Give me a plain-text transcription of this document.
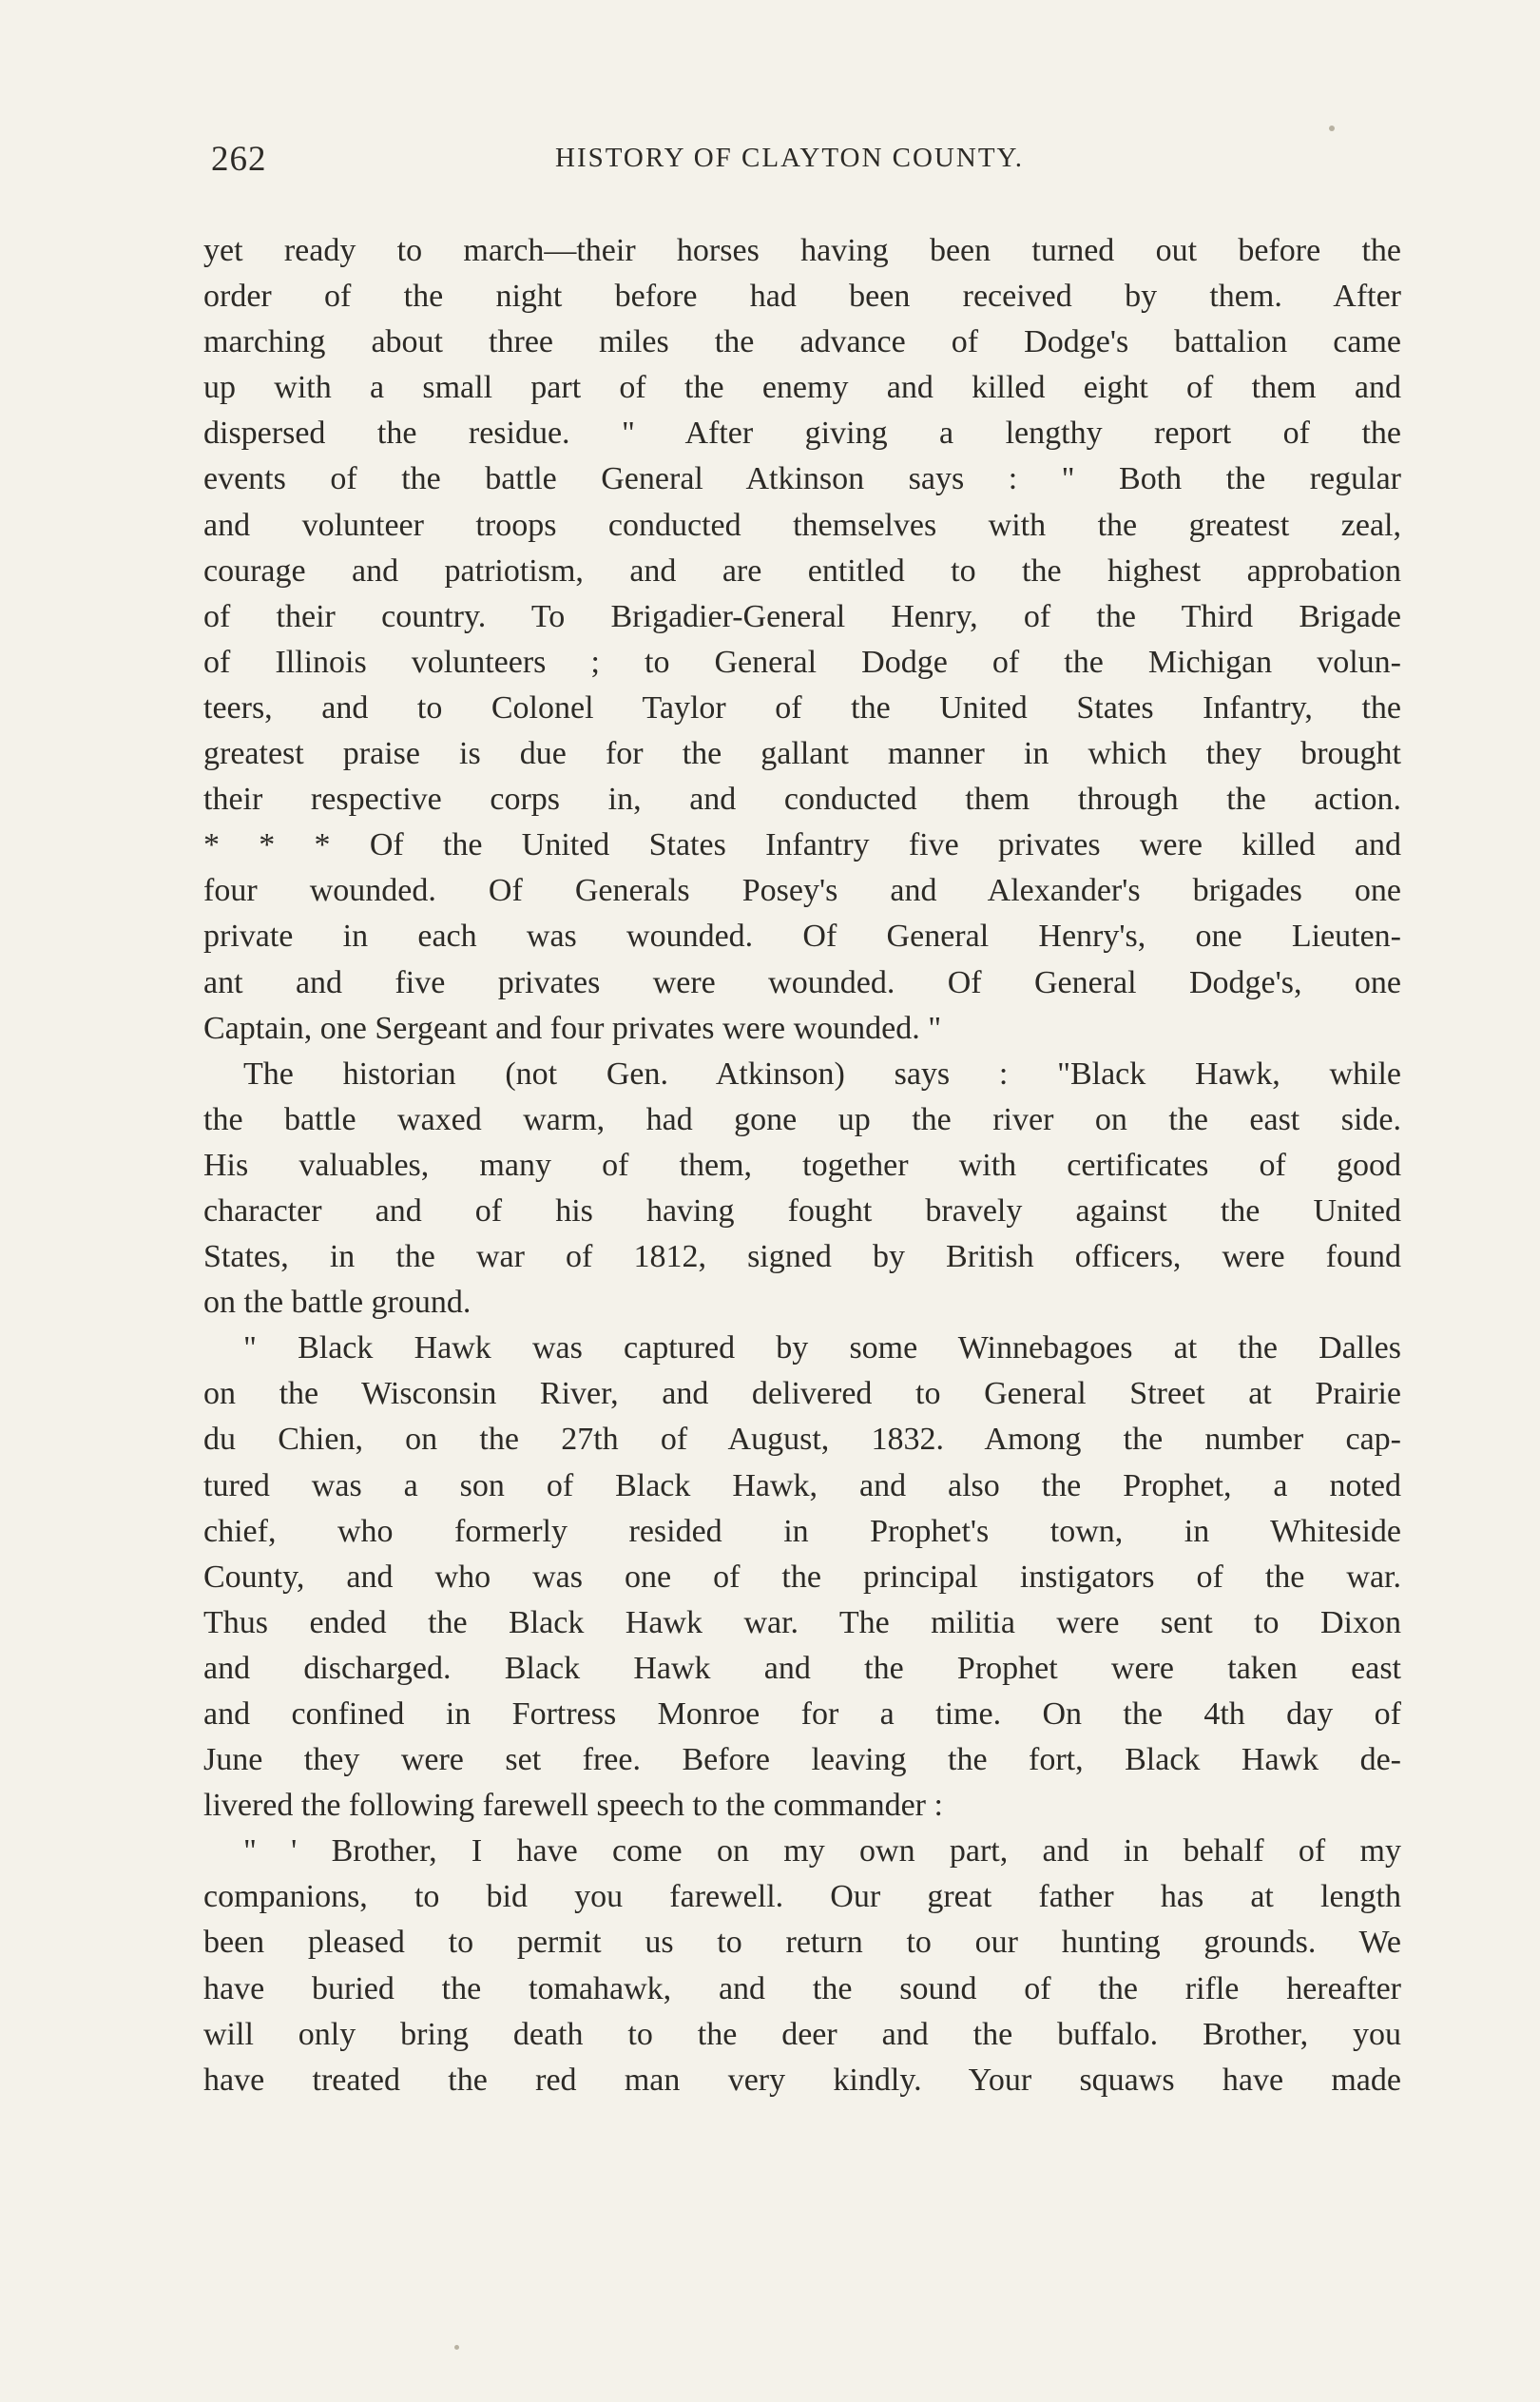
262	HISTORY OF CLAYTON COUNTY.
yet ready to march—their horses having been turned out before the
order of the night before had been received by them. After
marching about three miles the advance of Dodge's battalion came
up with a small part of the enemy and killed eight of them and
dispersed the residue. " After giving a lengthy report of the
events of the battle General Atkinson says : " Both the regular
and volunteer troops conducted themselves with the greatest zeal,
courage and patriotism, and are entitled to the highest approbation
of their country. To Brigadier-General Henry, of the Third Brigade
of Illinois volunteers ; to General Dodge of the Michigan volun-
teers, and to Colonel Taylor of the United States Infantry, the
greatest praise is due for the gallant manner in which they brought
their respective corps in, and conducted them through the action.
* * * Of the United States Infantry five privates were killed and
four wounded. Of Generals Posey's and Alexander's brigades one
private in each was wounded. Of General Henry's, one Lieuten-
ant and five privates were wounded. Of General Dodge's, one
Captain, one Sergeant and four privates were wounded. "
The historian (not Gen. Atkinson) says : "Black Hawk, while
the battle waxed warm, had gone up the river on the east side.
His valuables, many of them, together with certificates of good
character and of his having fought bravely against the United
States, in the war of 1812, signed by British officers, were found
on the battle ground.
" Black Hawk was captured by some Winnebagoes at the Dalles
on the Wisconsin River, and delivered to General Street at Prairie
du Chien, on the 27th of August, 1832. Among the number cap-
tured was a son of Black Hawk, and also the Prophet, a noted
chief, who formerly resided in Prophet's town, in Whiteside
County, and who was one of the principal instigators of the war.
Thus ended the Black Hawk war. The militia were sent to Dixon
and discharged. Black Hawk and the Prophet were taken east
and confined in Fortress Monroe for a time. On the 4th day of
June they were set free. Before leaving the fort, Black Hawk de-
livered the following farewell speech to the commander :
" ' Brother, I have come on my own part, and in behalf of my
companions, to bid you farewell. Our great father has at length
been pleased to permit us to return to our hunting grounds. We
have buried the tomahawk, and the sound of the rifle hereafter
will only bring death to the deer and the buffalo. Brother, you
have treated the red man very kindly. Your squaws have made
